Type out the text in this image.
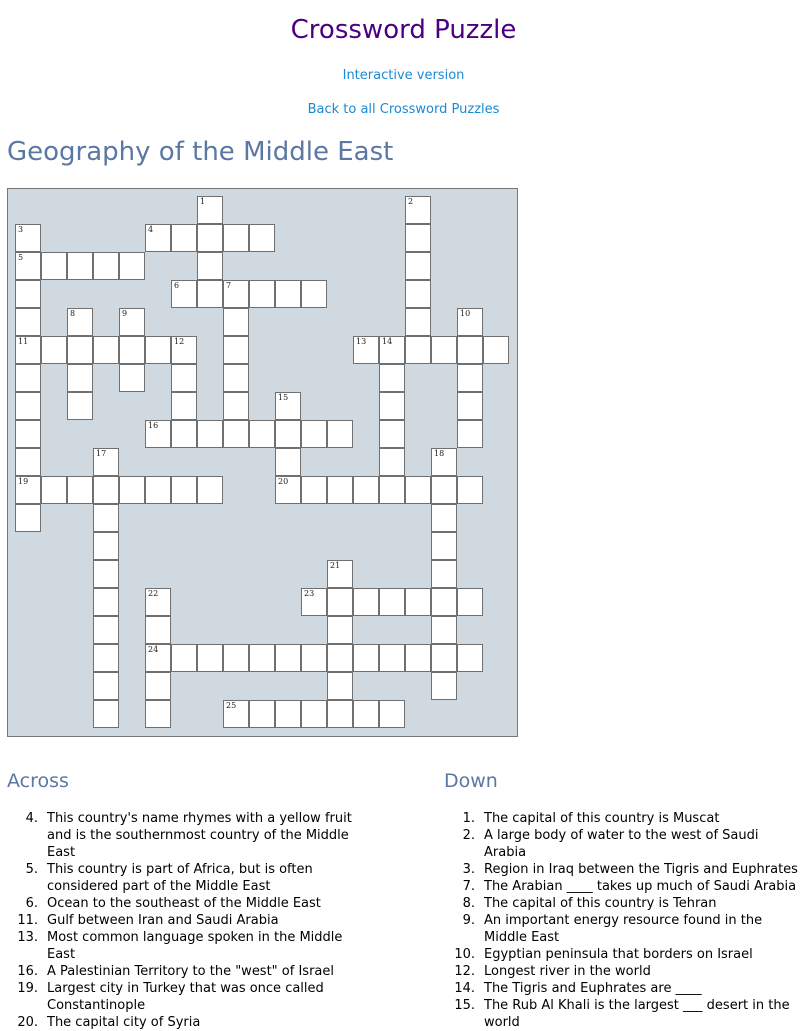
Crossword Puzzle
Interactive version
Back to all Crossword Puzzles
Geography of the Middle East
1	2
3
5
11
19
4
6	7
8	9	10
12	13 14
15
20
16
17	18
21
22
24
23
25
Across	Down
4. This country's name rhymes with a yellow fruit and is the southernmost country of the Middle East
5. This country is part of Africa, but is often considered part of the Middle East
6. Ocean to the southeast of the Middle East
11. Gulf between Iran and Saudi Arabia
13. Most common language spoken in the Middle East
16. A Palestinian Territory to the "west" of Israel
19. Largest city in Turkey that was once called Constantinople
20. The capital city of Syria
1. The capital of this country is Muscat
2. A large body of water to the west of Saudi Arabia
3. Region in Iraq between the Tigris and Euphrates
7. The Arabian ____ takes up much of Saudi Arabia
8. The capital of this country is Tehran
9. An important energy resource found in the Middle East
10. Egyptian peninsula that borders on Israel
12. Longest river in the world
14. The Tigris and Euphrates are ____
15. The Rub Al Khali is the largest ___ desert in the world
